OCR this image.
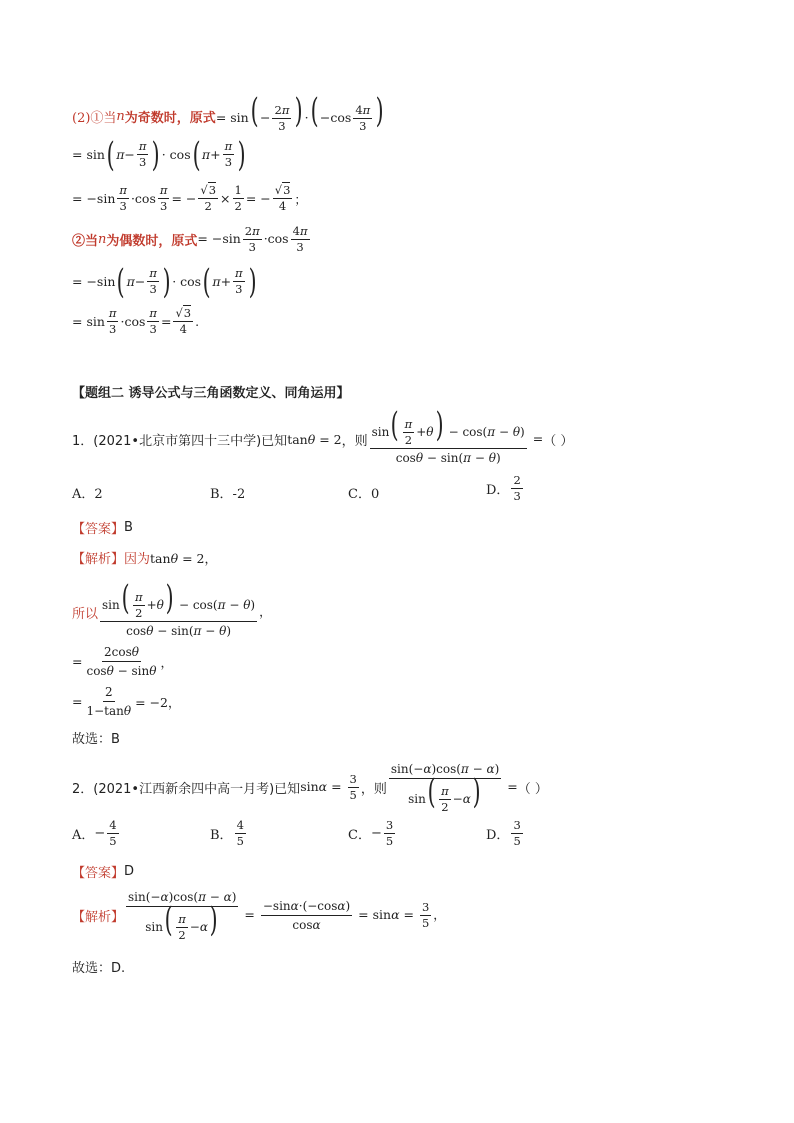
(2)①当 n 为奇数时，原式 = $\sin( - \frac{2\pi}{3}$ ) ·( $-\cos \frac{4\pi}{3}$ )
= sin ( $\pi - \frac{\pi}{3}$ ) · cos ( $\pi + \frac{\pi}{3}$ )
= $-\sin \frac{\pi}{3} \cdot\cos \frac{\pi}{3}$ = − $\frac{√3}{2} \times \frac{1}{2}$ = − $\frac{√3}{4}$ ；
②当 n 为偶数时，原式 = $-\sin \frac{2\pi}{3} \cdot\cos \frac{4\pi}{3}$
= −sin ( $\pi - \frac{\pi}{3}$ ) · cos ( $\pi + \frac{\pi}{3}$ )
= $\sin \frac{\pi}{3} \cdot\cos \frac{\pi}{3} = \frac{√3}{4}$ .
【题组二 诱导公式与三角函数定义、同角运用】
1． (2021•北京市第四十三中学)已知 tanθ = 2 ，则 $\frac{\sin( \frac{\pi}{2} +\theta) - \cos(\pi - \theta)}{\cos\theta - \sin(\pi - \theta)}$ = （ ）
A．2	B．-2	C．0	D． $\frac{2}{3}$
【答案】 B
【解析】 因为 tanθ = 2，
所以 $\frac{\sin( \frac{\pi}{2} +\theta) - \cos(\pi - \theta)}{\cos\theta - \sin(\pi - \theta)}$ ，
= $\frac{2\cos\theta}{\cos\theta - \sin\theta}$ ，
= $\frac{2}{1-\tan\theta} = -2$，
故选：B
2． (2021•江西新余四中高一月考)已知 $\sin\alpha = \frac{3}{5}$ ，则 $\frac{\sin(-\alpha)\cos(\pi - \alpha)}{\sin( \frac{\pi}{2} -\alpha)}$ = （ ）
A． − $\frac{4}{5}$	B． $\frac{4}{5}$	C． − $\frac{3}{5}$	D． $\frac{3}{5}$
【答案】 D
【解析】 $\frac{\sin(-\alpha)\cos(\pi - \alpha)}{\sin( \frac{\pi}{2} -\alpha)} = \frac{-\sin\alpha\cdot(-\cos\alpha)}{\cos\alpha} = \sin\alpha = \frac{3}{5}$ ，
故选：D.
